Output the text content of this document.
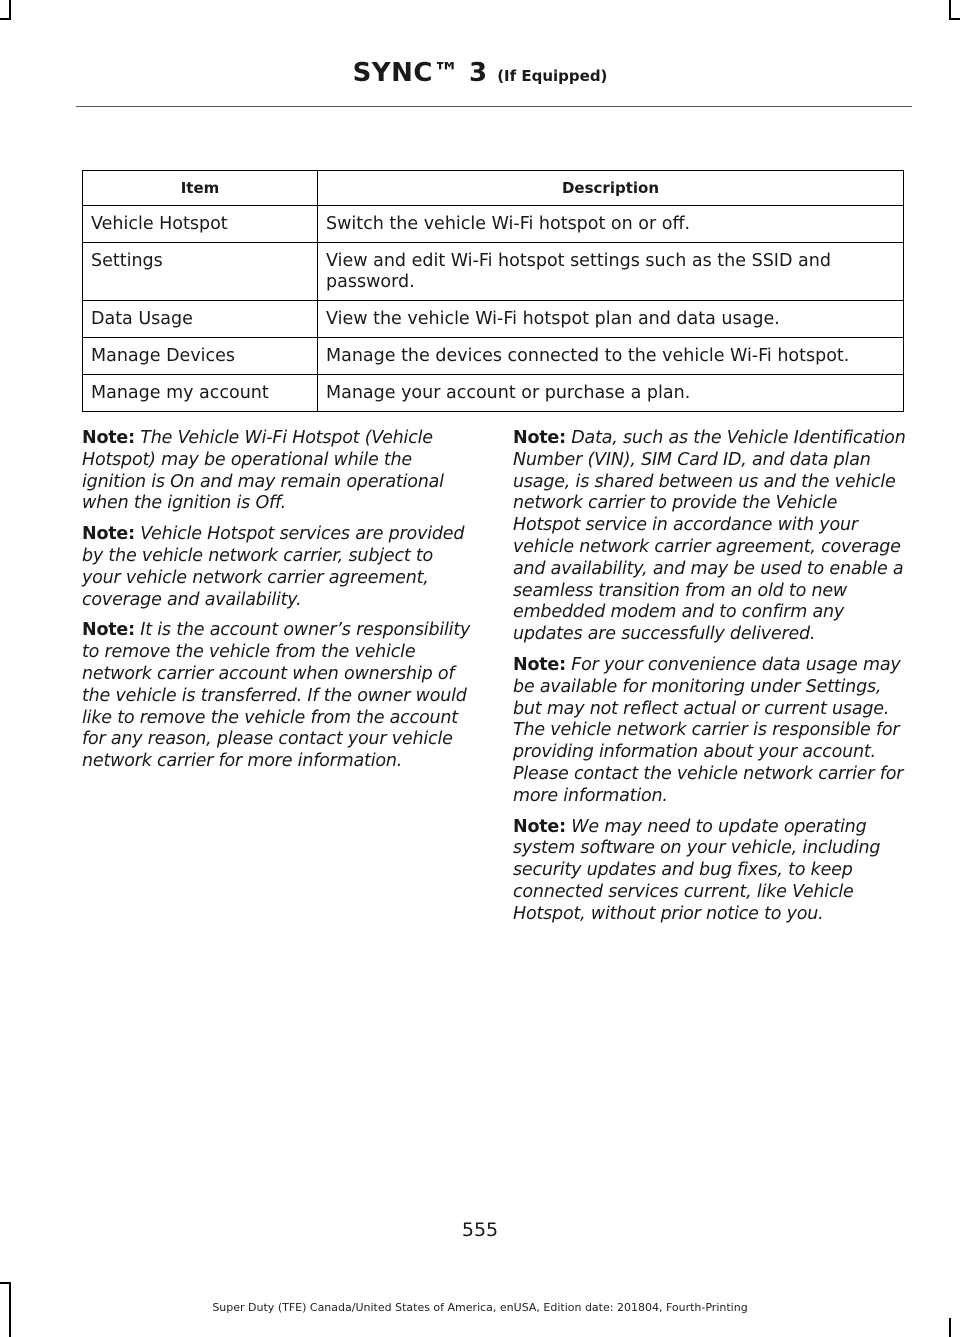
SYNC™ 3 (If Equipped)
Item	Description
Vehicle Hotspot	Switch the vehicle Wi-Fi hotspot on or off.
Settings	View and edit Wi-Fi hotspot settings such as the SSID and password.
Data Usage	View the vehicle Wi-Fi hotspot plan and data usage.
Manage Devices	Manage the devices connected to the vehicle Wi-Fi hotspot.
Manage my account	Manage your account or purchase a plan.

Note: The Vehicle Wi-Fi Hotspot (Vehicle Hotspot) may be operational while the ignition is On and may remain operational when the ignition is Off.

Note: Vehicle Hotspot services are provided by the vehicle network carrier, subject to your vehicle network carrier agreement, coverage and availability.

Note: It is the account owner’s responsibility to remove the vehicle from the vehicle network carrier account when ownership of the vehicle is transferred. If the owner would like to remove the vehicle from the account for any reason, please contact your vehicle network carrier for more information.

Note: Data, such as the Vehicle Identification Number (VIN), SIM Card ID, and data plan usage, is shared between us and the vehicle network carrier to provide the Vehicle Hotspot service in accordance with your vehicle network carrier agreement, coverage and availability, and may be used to enable a seamless transition from an old to new embedded modem and to confirm any updates are successfully delivered.

Note: For your convenience data usage may be available for monitoring under Settings, but may not reflect actual or current usage. The vehicle network carrier is responsible for providing information about your account. Please contact the vehicle network carrier for more information.

Note: We may need to update operating system software on your vehicle, including security updates and bug fixes, to keep connected services current, like Vehicle Hotspot, without prior notice to you.

555
Super Duty (TFE) Canada/United States of America, enUSA, Edition date: 201804, Fourth-Printing
